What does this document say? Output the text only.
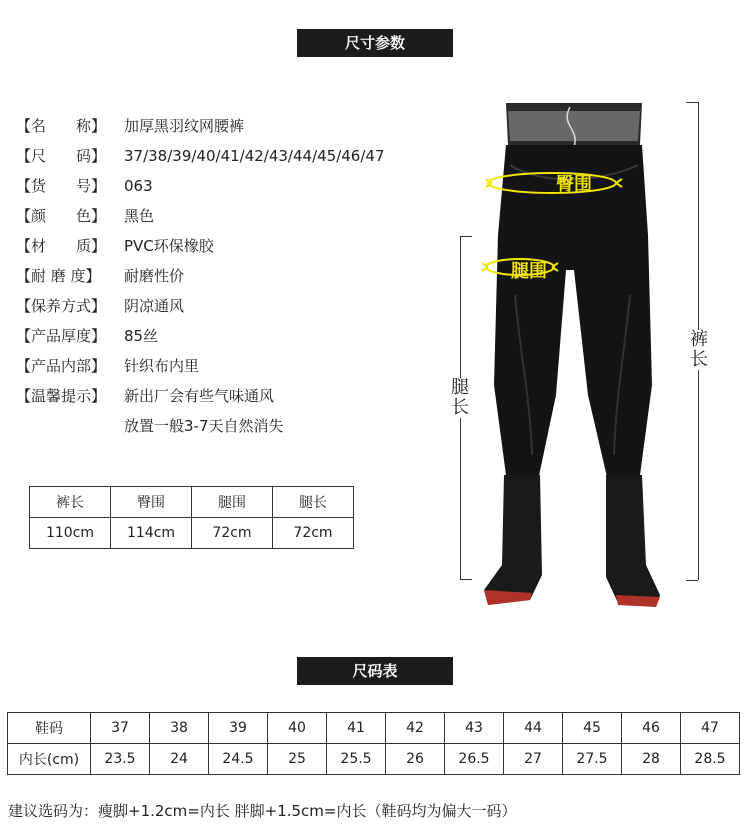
尺寸参数
【名　　称】	加厚黑羽纹网腰裤
【尺　　码】	37/38/39/40/41/42/43/44/45/46/47
【货　　号】	063
【颜　　色】	黑色
【材　　质】	PVC环保橡胶
【耐 磨 度】	耐磨性价
【保养方式】	阴凉通风
【产品厚度】	85丝
【产品内部】	针织布内里
【温馨提示】	新出厂会有些气味通风
放置一般3-7天自然消失
裤长	臀围	腿围	腿长
110cm	114cm	72cm	72cm
臀围
腿围
裤长
腿长
尺码表
鞋码	37	38	39	40	41	42	43	44	45	46	47
内长(cm)	23.5	24	24.5	25	25.5	26	26.5	27	27.5	28	28.5
建议选码为：瘦脚+1.2cm=内长 胖脚+1.5cm=内长（鞋码均为偏大一码）
